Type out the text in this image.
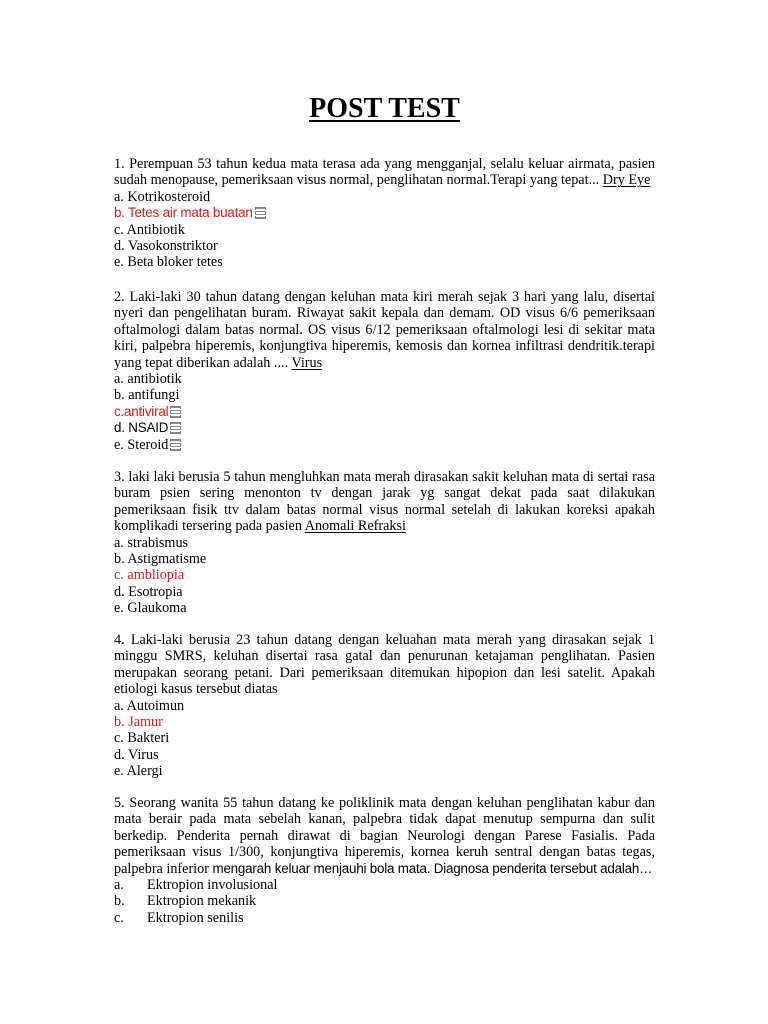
POST TEST

1. Perempuan 53 tahun kedua mata terasa ada yang mengganjal, selalu keluar airmata, pasien sudah menopause, pemeriksaan visus normal, penglihatan normal.Terapi yang tepat... Dry Eye

a. Kotrikosteroid

b. Tetes air mata buatan

c. Antibiotik

d. Vasokonstriktor

e. Beta bloker tetes

2. Laki-laki 30 tahun datang dengan keluhan mata kiri merah sejak 3 hari yang lalu, disertai nyeri dan pengelihatan buram. Riwayat sakit kepala dan demam. OD visus 6/6 pemeriksaan oftalmologi dalam batas normal. OS visus 6/12 pemeriksaan oftalmologi lesi di sekitar mata kiri, palpebra hiperemis, konjungtiva hiperemis, kemosis dan kornea infiltrasi dendritik.terapi yang tepat diberikan adalah .... Virus

a. antibiotik

b. antifungi

c.antiviral

d. NSAID

e. Steroid

3. laki laki berusia 5 tahun mengluhkan mata merah dirasakan sakit keluhan mata di sertai rasa buram psien sering menonton tv dengan jarak yg sangat dekat pada saat dilakukan pemeriksaan fisik ttv dalam batas normal visus normal setelah di lakukan koreksi apakah komplikadi tersering pada pasien Anomali Refraksi

a. strabismus

b. Astigmatisme

c. ambliopia

d. Esotropia

e. Glaukoma

4. Laki-laki berusia 23 tahun datang dengan keluahan mata merah yang dirasakan sejak 1 minggu SMRS, keluhan disertai rasa gatal dan penurunan ketajaman penglihatan. Pasien merupakan seorang petani. Dari pemeriksaan ditemukan hipopion dan lesi satelit. Apakah etiologi kasus tersebut diatas

a. Autoimun

b. Jamur

c. Bakteri

d. Virus

e. Alergi

5. Seorang wanita 55 tahun datang ke poliklinik mata dengan keluhan penglihatan kabur dan mata berair pada mata sebelah kanan, palpebra tidak dapat menutup sempurna dan sulit berkedip. Penderita pernah dirawat di bagian Neurologi dengan Parese Fasialis. Pada pemeriksaan visus 1/300, konjungtiva hiperemis, kornea keruh sentral dengan batas tegas, palpebra inferior mengarah keluar menjauhi bola mata. Diagnosa penderita tersebut adalah…

a. Ektropion involusional

b. Ektropion mekanik

c. Ektropion senilis
